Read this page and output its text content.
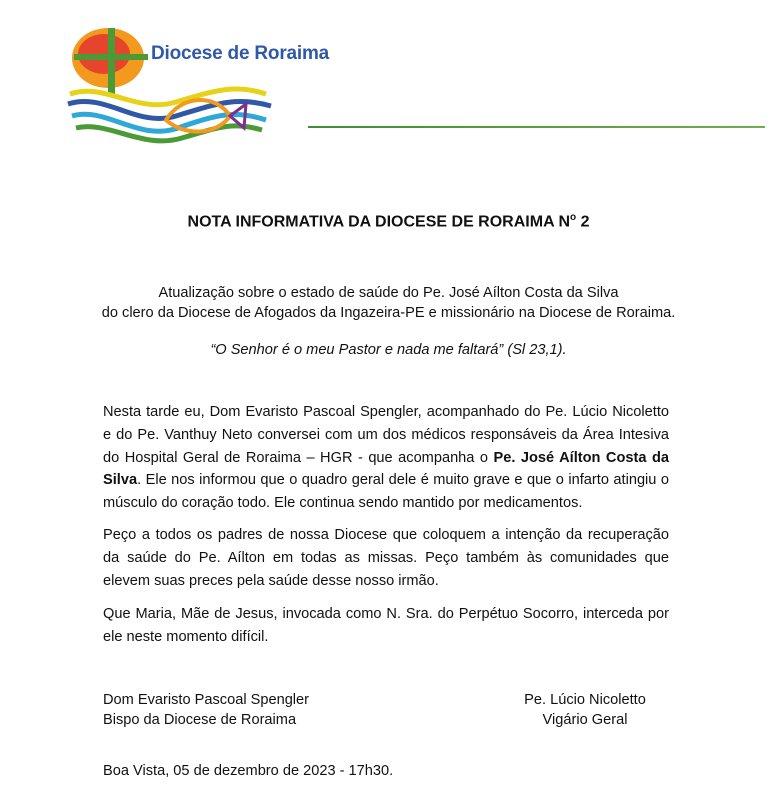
Diocese de Roraima
NOTA INFORMATIVA DA DIOCESE DE RORAIMA $N^o$ 2
Atualização sobre o estado de saúde do Pe. José Aílton Costa da Silva
do clero da Diocese de Afogados da Ingazeira-PE e missionário na Diocese de Roraima.
“O Senhor é o meu Pastor e nada me faltará” (Sl 23,1).
Nesta tarde eu, Dom Evaristo Pascoal Spengler, acompanhado do Pe. Lúcio Nicoletto e do Pe. Vanthuy Neto conversei com um dos médicos responsáveis da Área Intesiva do Hospital Geral de Roraima – HGR - que acompanha o Pe. José Aílton Costa da Silva. Ele nos informou que o quadro geral dele é muito grave e que o infarto atingiu o músculo do coração todo. Ele continua sendo mantido por medicamentos.
Peço a todos os padres de nossa Diocese que coloquem a intenção da recuperação da saúde do Pe. Aílton em todas as missas. Peço também às comunidades que elevem suas preces pela saúde desse nosso irmão.
Que Maria, Mãe de Jesus, invocada como N. Sra. do Perpétuo Socorro, interceda por ele neste momento difícil.
Dom Evaristo Pascoal Spengler
Bispo da Diocese de Roraima
Pe. Lúcio Nicoletto
Vigário Geral
Boa Vista, 05 de dezembro de 2023 - 17h30.
